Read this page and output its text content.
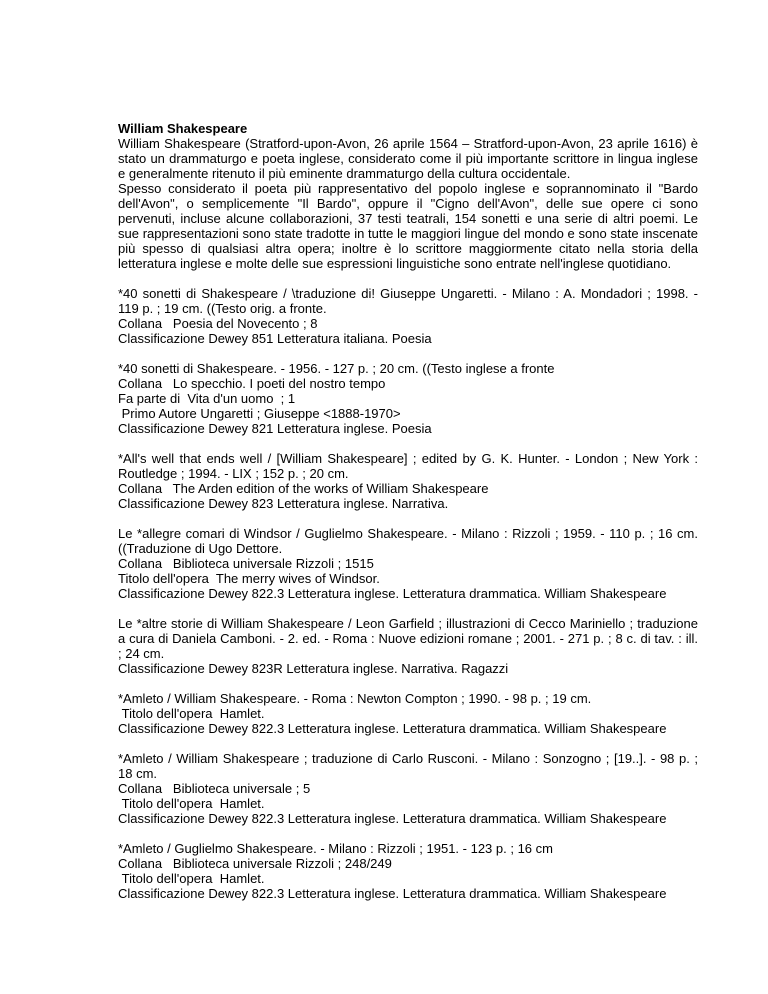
William Shakespeare
William Shakespeare (Stratford-upon-Avon, 26 aprile 1564 – Stratford-upon-Avon, 23 aprile 1616) è stato un drammaturgo e poeta inglese, considerato come il più importante scrittore in lingua inglese e generalmente ritenuto il più eminente drammaturgo della cultura occidentale.
Spesso considerato il poeta più rappresentativo del popolo inglese e soprannominato il "Bardo dell'Avon", o semplicemente "Il Bardo", oppure il "Cigno dell'Avon", delle sue opere ci sono pervenuti, incluse alcune collaborazioni, 37 testi teatrali, 154 sonetti e una serie di altri poemi. Le sue rappresentazioni sono state tradotte in tutte le maggiori lingue del mondo e sono state inscenate più spesso di qualsiasi altra opera; inoltre è lo scrittore maggiormente citato nella storia della letteratura inglese e molte delle sue espressioni linguistiche sono entrate nell'inglese quotidiano.
*40 sonetti di Shakespeare / \traduzione di! Giuseppe Ungaretti. - Milano : A. Mondadori ; 1998. - 119 p. ; 19 cm. ((Testo orig. a fronte.
Collana   Poesia del Novecento ; 8
Classificazione Dewey 851 Letteratura italiana. Poesia
*40 sonetti di Shakespeare. - 1956. - 127 p. ; 20 cm. ((Testo inglese a fronte
Collana   Lo specchio. I poeti del nostro tempo
Fa parte di  Vita d'un uomo  ; 1
Primo Autore Ungaretti ; Giuseppe <1888-1970>
Classificazione Dewey 821 Letteratura inglese. Poesia
*All's well that ends well / [William Shakespeare] ; edited by G. K. Hunter. - London ; New York : Routledge ; 1994. - LIX ; 152 p. ; 20 cm.
Collana   The Arden edition of the works of William Shakespeare
Classificazione Dewey 823 Letteratura inglese. Narrativa.
Le *allegre comari di Windsor / Guglielmo Shakespeare. - Milano : Rizzoli ; 1959. - 110 p. ; 16 cm. ((Traduzione di Ugo Dettore.
Collana   Biblioteca universale Rizzoli ; 1515
Titolo dell'opera  The merry wives of Windsor.
Classificazione Dewey 822.3 Letteratura inglese. Letteratura drammatica. William Shakespeare
Le *altre storie di William Shakespeare / Leon Garfield ; illustrazioni di Cecco Mariniello ; traduzione a cura di Daniela Camboni. - 2. ed. - Roma : Nuove edizioni romane ; 2001. - 271 p. ; 8 c. di tav. : ill. ; 24 cm.
Classificazione Dewey 823R Letteratura inglese. Narrativa. Ragazzi
*Amleto / William Shakespeare. - Roma : Newton Compton ; 1990. - 98 p. ; 19 cm.
Titolo dell'opera  Hamlet.
Classificazione Dewey 822.3 Letteratura inglese. Letteratura drammatica. William Shakespeare
*Amleto / William Shakespeare ; traduzione di Carlo Rusconi. - Milano : Sonzogno ; [19..]. - 98 p. ; 18 cm.
Collana   Biblioteca universale ; 5
Titolo dell'opera  Hamlet.
Classificazione Dewey 822.3 Letteratura inglese. Letteratura drammatica. William Shakespeare
*Amleto / Guglielmo Shakespeare. - Milano : Rizzoli ; 1951. - 123 p. ; 16 cm
Collana   Biblioteca universale Rizzoli ; 248/249
Titolo dell'opera  Hamlet.
Classificazione Dewey 822.3 Letteratura inglese. Letteratura drammatica. William Shakespeare
